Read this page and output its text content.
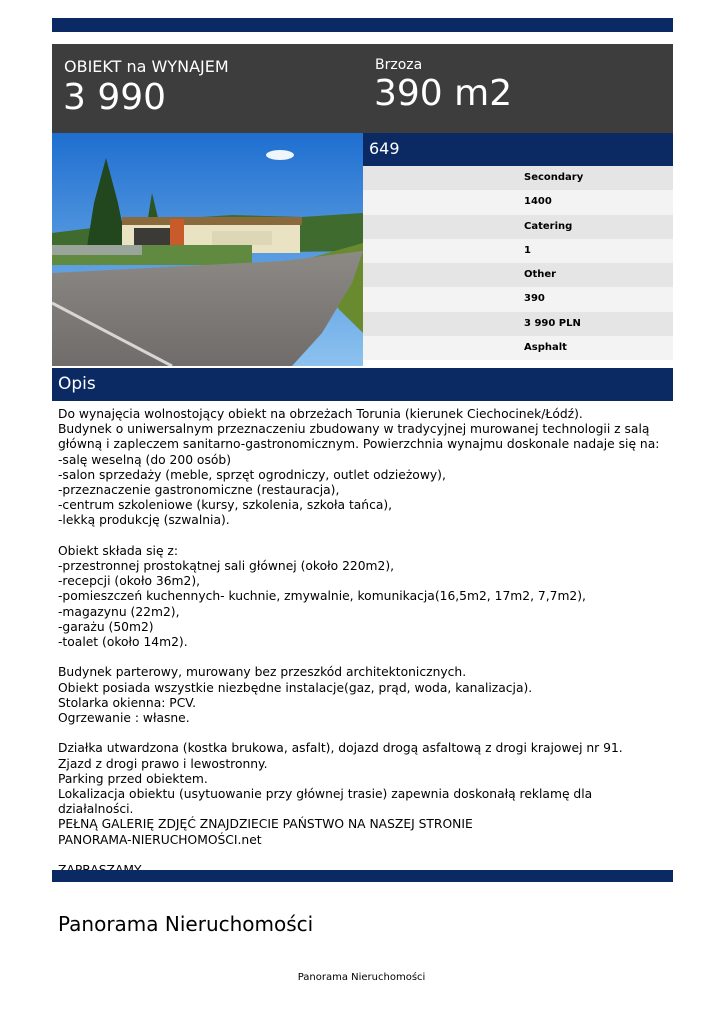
OBIEKT na WYNAJEM
3 990
Brzoza
390 m2
649
Secondary
1400
Catering
1
Other
390
3 990 PLN
Asphalt
Opis
Do wynajęcia wolnostojący obiekt na obrzeżach Torunia (kierunek Ciechocinek/Łódź).
Budynek o uniwersalnym przeznaczeniu zbudowany w tradycyjnej murowanej technologii z salą główną i zapleczem sanitarno-gastronomicznym. Powierzchnia wynajmu doskonale nadaje się na:
-salę weselną (do 200 osób)
-salon sprzedaży (meble, sprzęt ogrodniczy, outlet odzieżowy),
-przeznaczenie gastronomiczne (restauracja),
-centrum szkoleniowe (kursy, szkolenia, szkoła tańca),
-lekką produkcję (szwalnia).

Obiekt składa się z:
-przestronnej prostokątnej sali głównej (około 220m2),
-recepcji (około 36m2),
-pomieszczeń kuchennych- kuchnie, zmywalnie, komunikacja(16,5m2, 17m2, 7,7m2),
-magazynu (22m2),
-garażu (50m2)
-toalet (około 14m2).

Budynek parterowy, murowany bez przeszkód architektonicznych.
Obiekt posiada wszystkie niezbędne instalacje(gaz, prąd, woda, kanalizacja).
Stolarka okienna: PCV.
Ogrzewanie : własne.

Działka utwardzona (kostka brukowa, asfalt), dojazd drogą asfaltową z drogi krajowej nr 91.
Zjazd z drogi prawo i lewostronny.
Parking przed obiektem.
Lokalizacja obiektu (usytuowanie przy głównej trasie) zapewnia doskonałą reklamę dla działalności.
PEŁNĄ GALERIĘ ZDJĘĆ ZNAJDZIECIE PAŃSTWO NA NASZEJ STRONIE
PANORAMA-NIERUCHOMOŚCI.net

Panorama Nieruchomości
Panorama Nieruchomości
